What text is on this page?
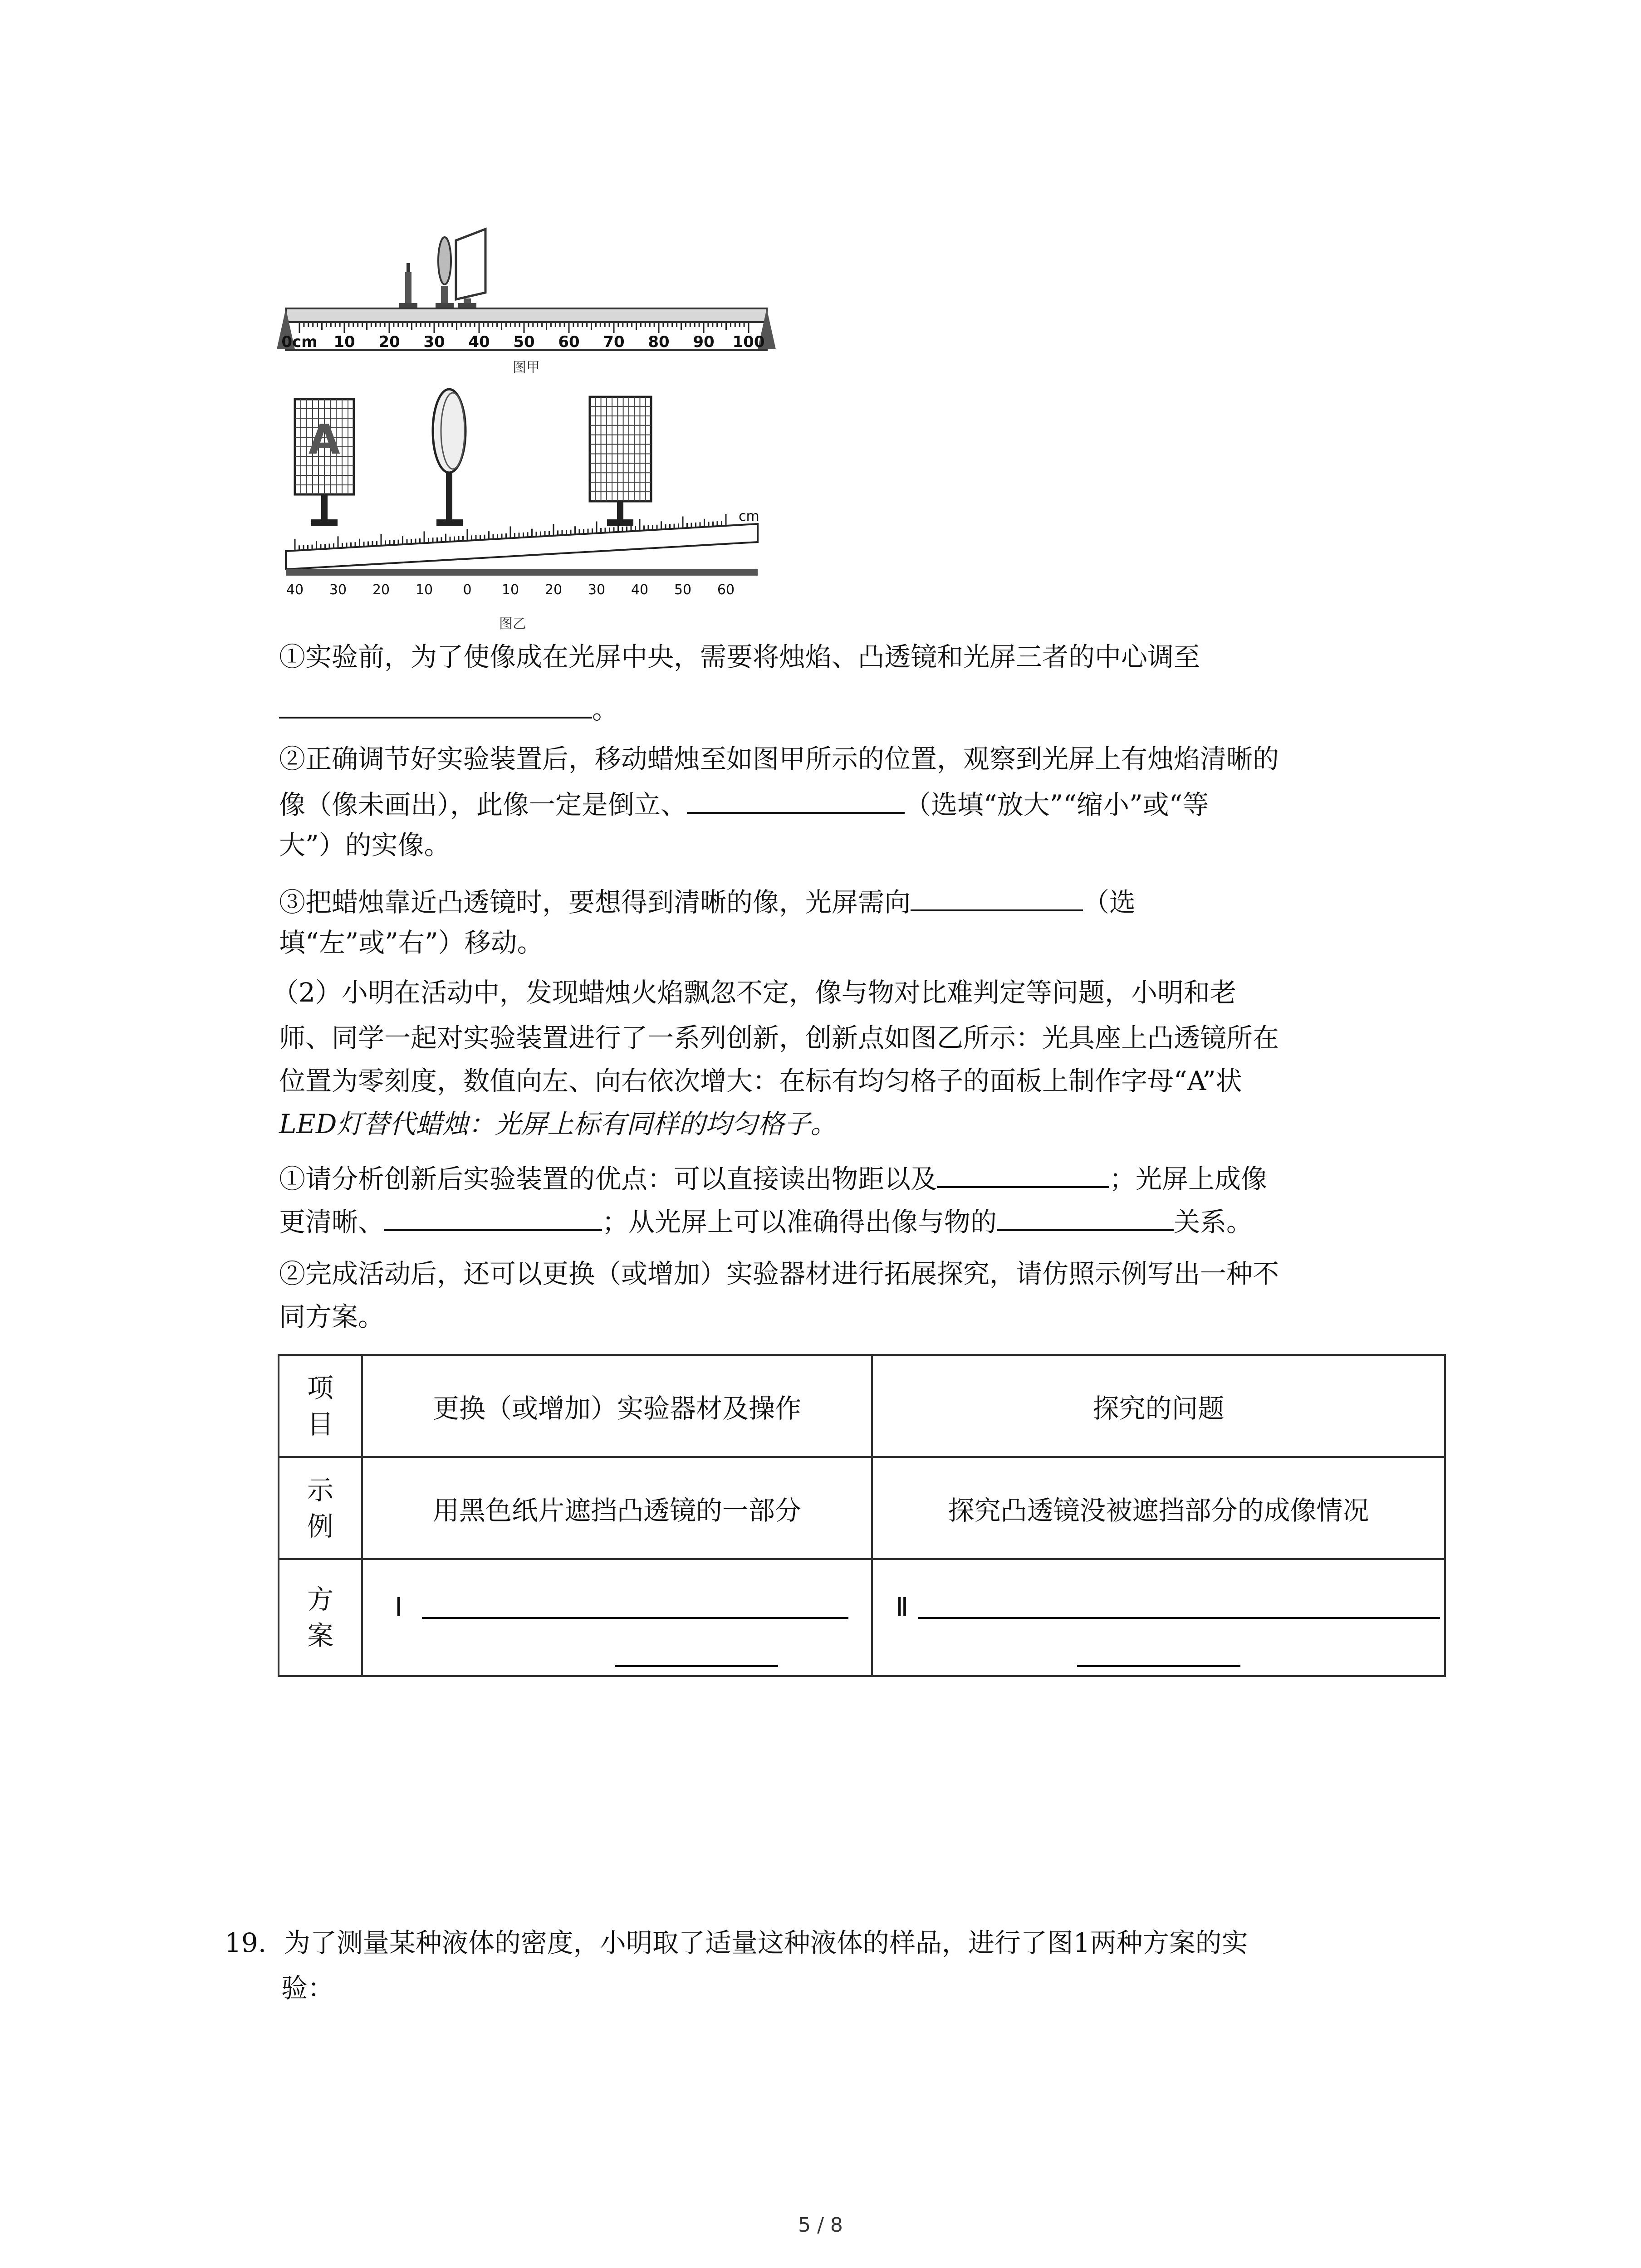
0cm 10 20 30 40 50 60 70 80 90 100
图甲
A
40 30 20 10 0 10 20 30 40 50 60
cm
图乙
①实验前，为了使像成在光屏中央，需要将烛焰、凸透镜和光屏三者的中心调至
。
②正确调节好实验装置后，移动蜡烛至如图甲所示的位置，观察到光屏上有烛焰清晰的
像（像未画出），此像一定是倒立、	（选填“放大”“缩小”或“等
大”）的实像。
③把蜡烛靠近凸透镜时，要想得到清晰的像，光屏需向	（选
填“左”或”右”）移动。
（2）小明在活动中，发现蜡烛火焰飘忽不定，像与物对比难判定等问题，小明和老
师、同学一起对实验装置进行了一系列创新，创新点如图乙所示：光具座上凸透镜所在
位置为零刻度，数值向左、向右依次增大：在标有均匀格子的面板上制作字母“A”状
LED灯替代蜡烛：光屏上标有同样的均匀格子。
①请分析创新后实验装置的优点：可以直接读出物距以及	；光屏上成像
更清晰、	；从光屏上可以准确得出像与物的	关系。
②完成活动后，还可以更换（或增加）实验器材进行拓展探究，请仿照示例写出一种不
同方案。
项目	更换（或增加）实验器材及操作	探究的问题

示例	用黑色纸片遮挡凸透镜的一部分	探究凸透镜没被遮挡部分的成像情况

方案	Ⅰ	Ⅱ
19. 为了测量某种液体的密度，小明取了适量这种液体的样品，进行了图1两种方案的实
验：
5 / 8
